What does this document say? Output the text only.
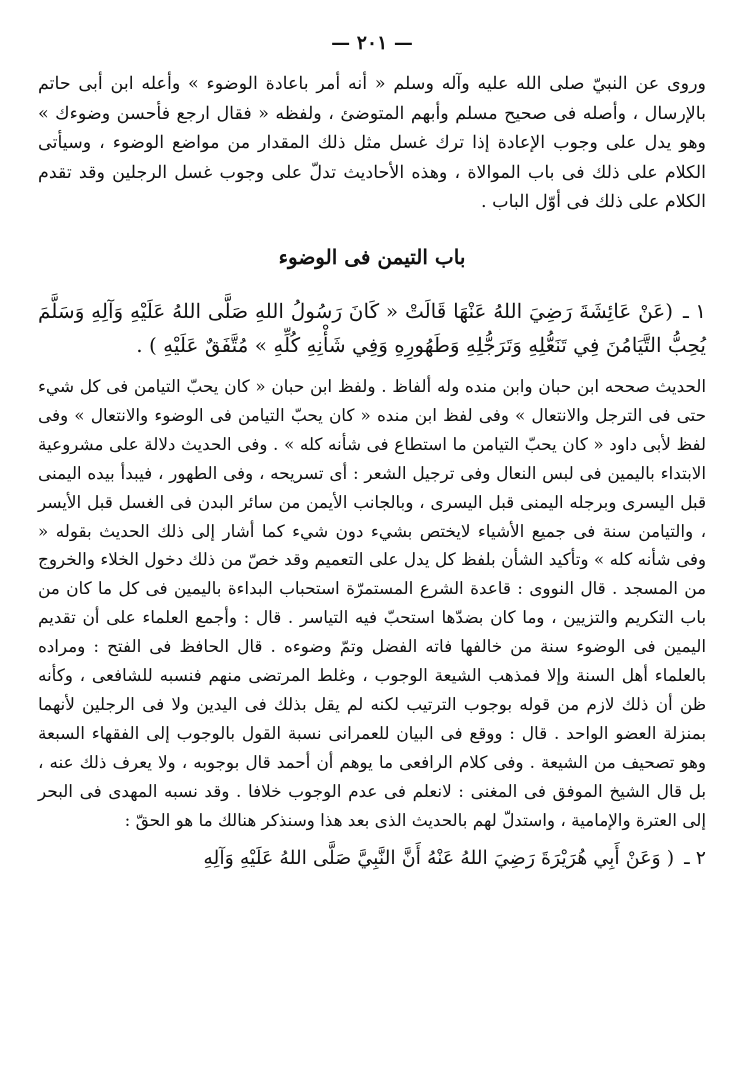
— ٢٠١ —

وروى عن النبيّ صلى الله عليه وآله وسلم « أنه أمر باعادة الوضوء » وأعله ابن أبى حاتم بالإرسال ، وأصله فى صحيح مسلم وأبهم المتوضئ ، ولفظه « فقال ارجع فأحسن وضوءك » وهو يدل على وجوب الإعادة إذا ترك غسل مثل ذلك المقدار من مواضع الوضوء ، وسيأتى الكلام على ذلك فى باب الموالاة ، وهذه الأحاديث تدلّ على وجوب غسل الرجلين وقد تقدم الكلام على ذلك فى أوّل الباب .

باب التيمن فى الوضوء
١ ـ(عَنْ عَائِشَةَ رَضِيَ اللهُ عَنْهَا قَالَتْ « كَانَ رَسُولُ اللهِ صَلَّى اللهُ عَلَيْهِ وَآلِهِ وَسَلَّمَ يُحِبُّ التَّيَامُنَ فِي تَنَعُّلِهِ وَتَرَجُّلِهِ وَطَهُورِهِ وَفِي شَأْنِهِ كُلِّهِ » مُتَّفَقٌ عَلَيْهِ ) .

الحديث صححه ابن حبان وابن منده وله ألفاظ . ولفظ ابن حبان « كان يحبّ التيامن فى كل شيء حتى فى الترجل والانتعال » وفى لفظ ابن منده « كان يحبّ التيامن فى الوضوء والانتعال » وفى لفظ لأبى داود « كان يحبّ التيامن ما استطاع فى شأنه كله » . وفى الحديث دلالة على مشروعية الابتداء باليمين فى لبس النعال وفى ترجيل الشعر : أى تسريحه ، وفى الطهور ، فيبدأ بيده اليمنى قبل اليسرى وبرجله اليمنى قبل اليسرى ، وبالجانب الأيمن من سائر البدن فى الغسل قبل الأيسر ، والتيامن سنة فى جميع الأشياء لايختص بشيء دون شيء كما أشار إلى ذلك الحديث بقوله « وفى شأنه كله » وتأكيد الشأن بلفظ كل يدل على التعميم وقد خصّ من ذلك دخول الخلاء والخروج من المسجد . قال النووى : قاعدة الشرع المستمرّة استحباب البداءة باليمين فى كل ما كان من باب التكريم والتزيين ، وما كان بضدّها استحبّ فيه التياسر . قال : وأجمع العلماء على أن تقديم اليمين فى الوضوء سنة من خالفها فاته الفضل وتمّ وضوءه . قال الحافظ فى الفتح : ومراده بالعلماء أهل السنة وإلا فمذهب الشيعة الوجوب ، وغلط المرتضى منهم فنسبه للشافعى ، وكأنه ظن أن ذلك لازم من قوله بوجوب الترتيب لكنه لم يقل بذلك فى اليدين ولا فى الرجلين لأنهما بمنزلة العضو الواحد . قال : ووقع فى البيان للعمرانى نسبة القول بالوجوب إلى الفقهاء السبعة وهو تصحيف من الشيعة . وفى كلام الرافعى ما يوهم أن أحمد قال بوجوبه ، ولا يعرف ذلك عنه ، بل قال الشيخ الموفق فى المغنى : لانعلم فى عدم الوجوب خلافا . وقد نسبه المهدى فى البحر إلى العترة والإمامية ، واستدلّ لهم بالحديث الذى بعد هذا وسنذكر هنالك ما هو الحقّ :

٢ ـ( وَعَنْ أَبِي هُرَيْرَةَ رَضِيَ اللهُ عَنْهُ أَنَّ النَّبِيَّ صَلَّى اللهُ عَلَيْهِ وَآلِهِ
